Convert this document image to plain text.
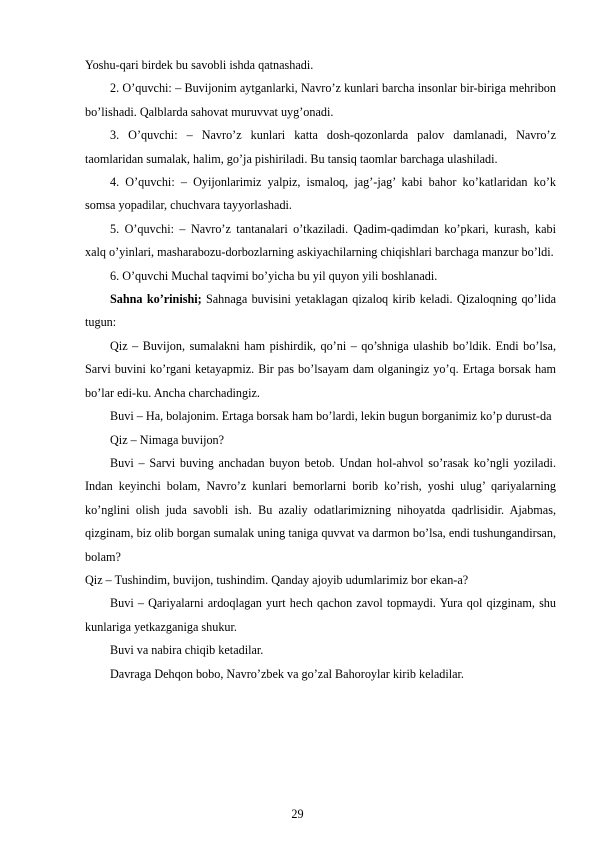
Yoshu-qari birdek bu savobli ishda qatnashadi.

2. O’quvchi: – Buvijonim aytganlarki, Navro’z kunlari barcha insonlar bir-biriga mehribon bo’lishadi. Qalblarda sahovat muruvvat uyg’onadi.

3. O’quvchi: – Navro’z kunlari katta dosh-qozonlarda palov damlanadi, Navro’z taomlaridan sumalak, halim, go’ja pishiriladi. Bu tansiq taomlar barchaga ulashiladi.

4. O’quvchi: – Oyijonlarimiz yalpiz, ismaloq, jag’-jag’ kabi bahor ko’katlaridan ko’k somsa yopadilar, chuchvara tayyorlashadi.

5. O’quvchi: – Navro’z tantanalari o’tkaziladi. Qadim-qadimdan ko’pkari, kurash, kabi xalq o’yinlari, masharabozu-dorbozlarning askiyachilarning chiqishlari barchaga manzur bo’ldi.

6. O’quvchi Muchal taqvimi bo’yicha bu yil quyon yili boshlanadi.

Sahna ko’rinishi; Sahnaga buvisini yetaklagan qizaloq kirib keladi. Qizaloqning qo’lida tugun:

Qiz – Buvijon, sumalakni ham pishirdik, qo’ni – qo’shniga ulashib bo’ldik. Endi bo’lsa, Sarvi buvini ko’rgani ketayapmiz. Bir pas bo’lsayam dam olganingiz yo’q. Ertaga borsak ham bo’lar edi-ku. Ancha charchadingiz.

Buvi – Ha, bolajonim. Ertaga borsak ham bo’lardi, lekin bugun borganimiz ko’p durust-da

Qiz – Nimaga buvijon?

Buvi – Sarvi buving anchadan buyon betob. Undan hol-ahvol so’rasak ko’ngli yoziladi. Indan keyinchi bolam, Navro’z kunlari bemorlarni borib ko’rish, yoshi ulug’ qariyalarning ko’nglini olish juda savobli ish. Bu azaliy odatlarimizning nihoyatda qadrlisidir. Ajabmas, qizginam, biz olib borgan sumalak uning taniga quvvat va darmon bo’lsa, endi tushungandirsan, bolam?

Qiz – Tushindim, buvijon, tushindim. Qanday ajoyib udumlarimiz bor ekan-a?

Buvi – Qariyalarni ardoqlagan yurt hech qachon zavol topmaydi. Yura qol qizginam, shu kunlariga yetkazganiga shukur.

Buvi va nabira chiqib ketadilar.

Davraga Dehqon bobo, Navro’zbek va go’zal Bahoroylar kirib keladilar.

29
